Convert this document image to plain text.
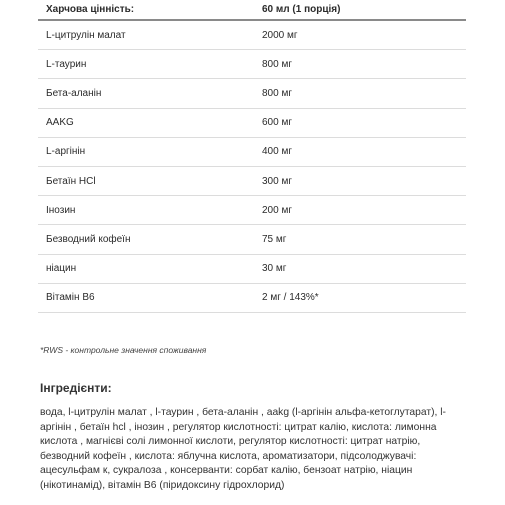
Харчова цінність:	60 мл (1 порція)
L-цитрулін малат	2000 мг
L-таурин	800 мг
Бета-аланін	800 мг
AAKG	600 мг
L-аргінін	400 мг
Бетаїн HCl	300 мг
Інозин	200 мг
Безводний кофеїн	75 мг
ніацин	30 мг
Вітамін В6	2 мг / 143%*
*RWS - контрольне значення споживання
Інгредієнти:
вода, l-цитрулін малат , l-таурин , бета-аланін , aakg (l-аргінін альфа-кетоглутарат), l-
аргінін , бетаїн hcl , інозин , регулятор кислотності: цитрат калію, кислота: лимонна
кислота , магнієві солі лимонної кислоти, регулятор кислотності: цитрат натрію,
безводний кофеїн , кислота: яблучна кислота, ароматизатори, підсолоджувачі:
ацесульфам к, сукралоза , консерванти: сорбат калію, бензоат натрію, ніацин
(нікотинамід), вітамін В6 (піридоксину гідрохлорид)
